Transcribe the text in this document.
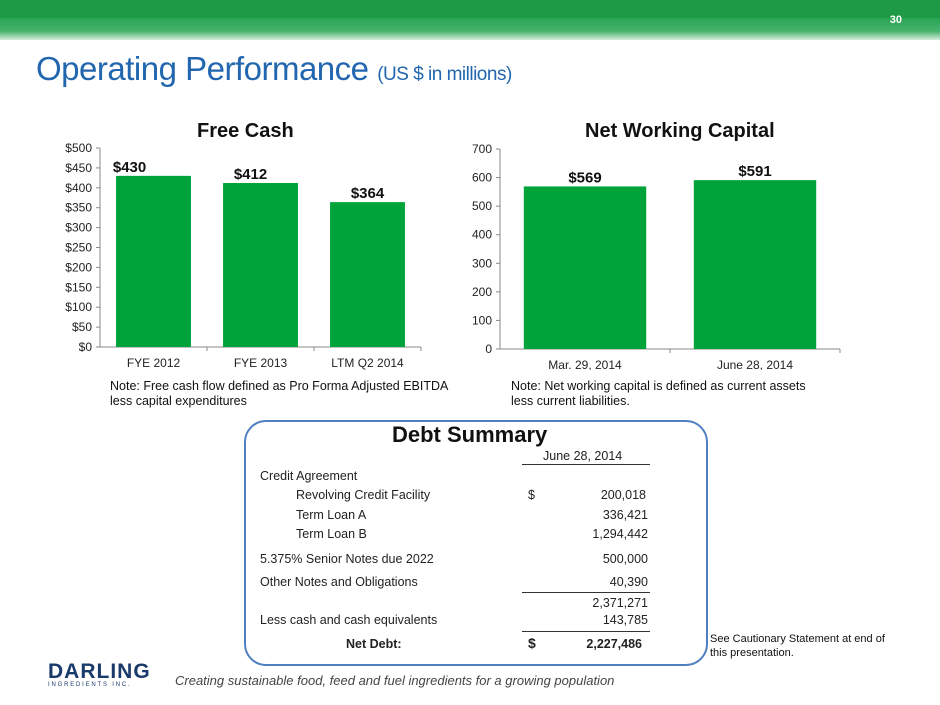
30
Operating Performance (US $ in millions)
Free Cash
$0
$50
$100
$150
$200
$250
$300
$350
$400
$450
$500
$430
FYE 2012
$412
FYE 2013
$364
LTM Q2 2014
Note: Free cash flow defined as Pro Forma Adjusted EBITDA less capital expenditures
Net Working Capital
0
100
200
300
400
500
600
700
$569
Mar. 29, 2014
$591
June 28, 2014
Note: Net working capital is defined as current assets less current liabilities.
Debt Summary
June 28, 2014
Credit Agreement
Revolving Credit Facility	$	200,018
Term Loan A	336,421
Term Loan B	1,294,442
5.375% Senior Notes due 2022	500,000
Other Notes and Obligations	40,390
2,371,271
Less cash and cash equivalents	143,785
Net Debt:	$	2,227,486	See Cautionary Statement at end of this presentation.
DARLING
INGREDIENTS INC.	Creating sustainable food, feed and fuel ingredients for a growing population
